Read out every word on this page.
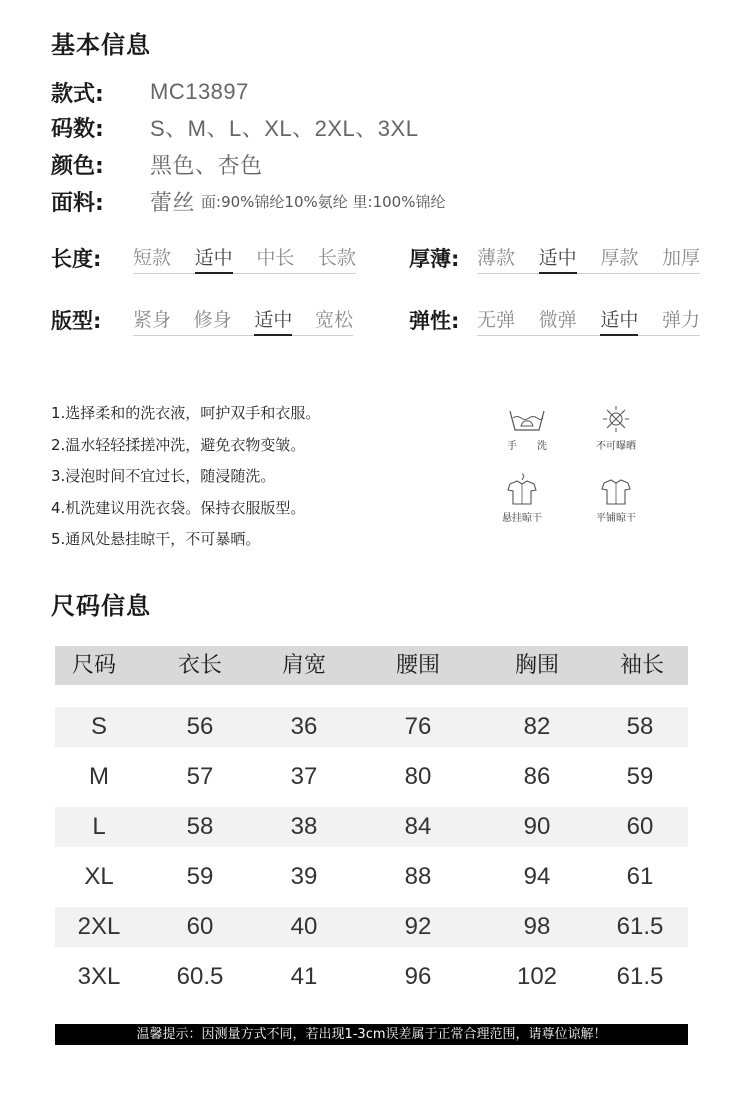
基本信息
款式:	MC13897
码数:	S、M、L、XL、2XL、3XL
颜色:	黑色、杏色
面料:	蕾丝 面:90%锦纶10%氨纶 里:100%锦纶
长度:	短款 适中 中长 长款	厚薄: 薄款 适中 厚款 加厚
版型:	紧身 修身 适中 宽松	弹性: 无弹 微弹 适中 弹力
1.选择柔和的洗衣液，呵护双手和衣服。
2.温水轻轻揉搓冲洗，避免衣物变皱。
3.浸泡时间不宜过长，随浸随洗。
4.机洗建议用洗衣袋。保持衣服版型。
5.通风处悬挂晾干，不可暴晒。
手　　洗	不可曝晒
悬挂晾干	平铺晾干
尺码信息
尺码	衣长	肩宽	腰围	胸围	袖长
S	56	36	76	82	58
M	57	37	80	86	59
L	58	38	84	90	60
XL	59	39	88	94	61
2XL	60	40	92	98	61.5
3XL 60.5	41	96	102 61.5
温馨提示：因测量方式不同，若出现1-3cm误差属于正常合理范围，请尊位谅解！
